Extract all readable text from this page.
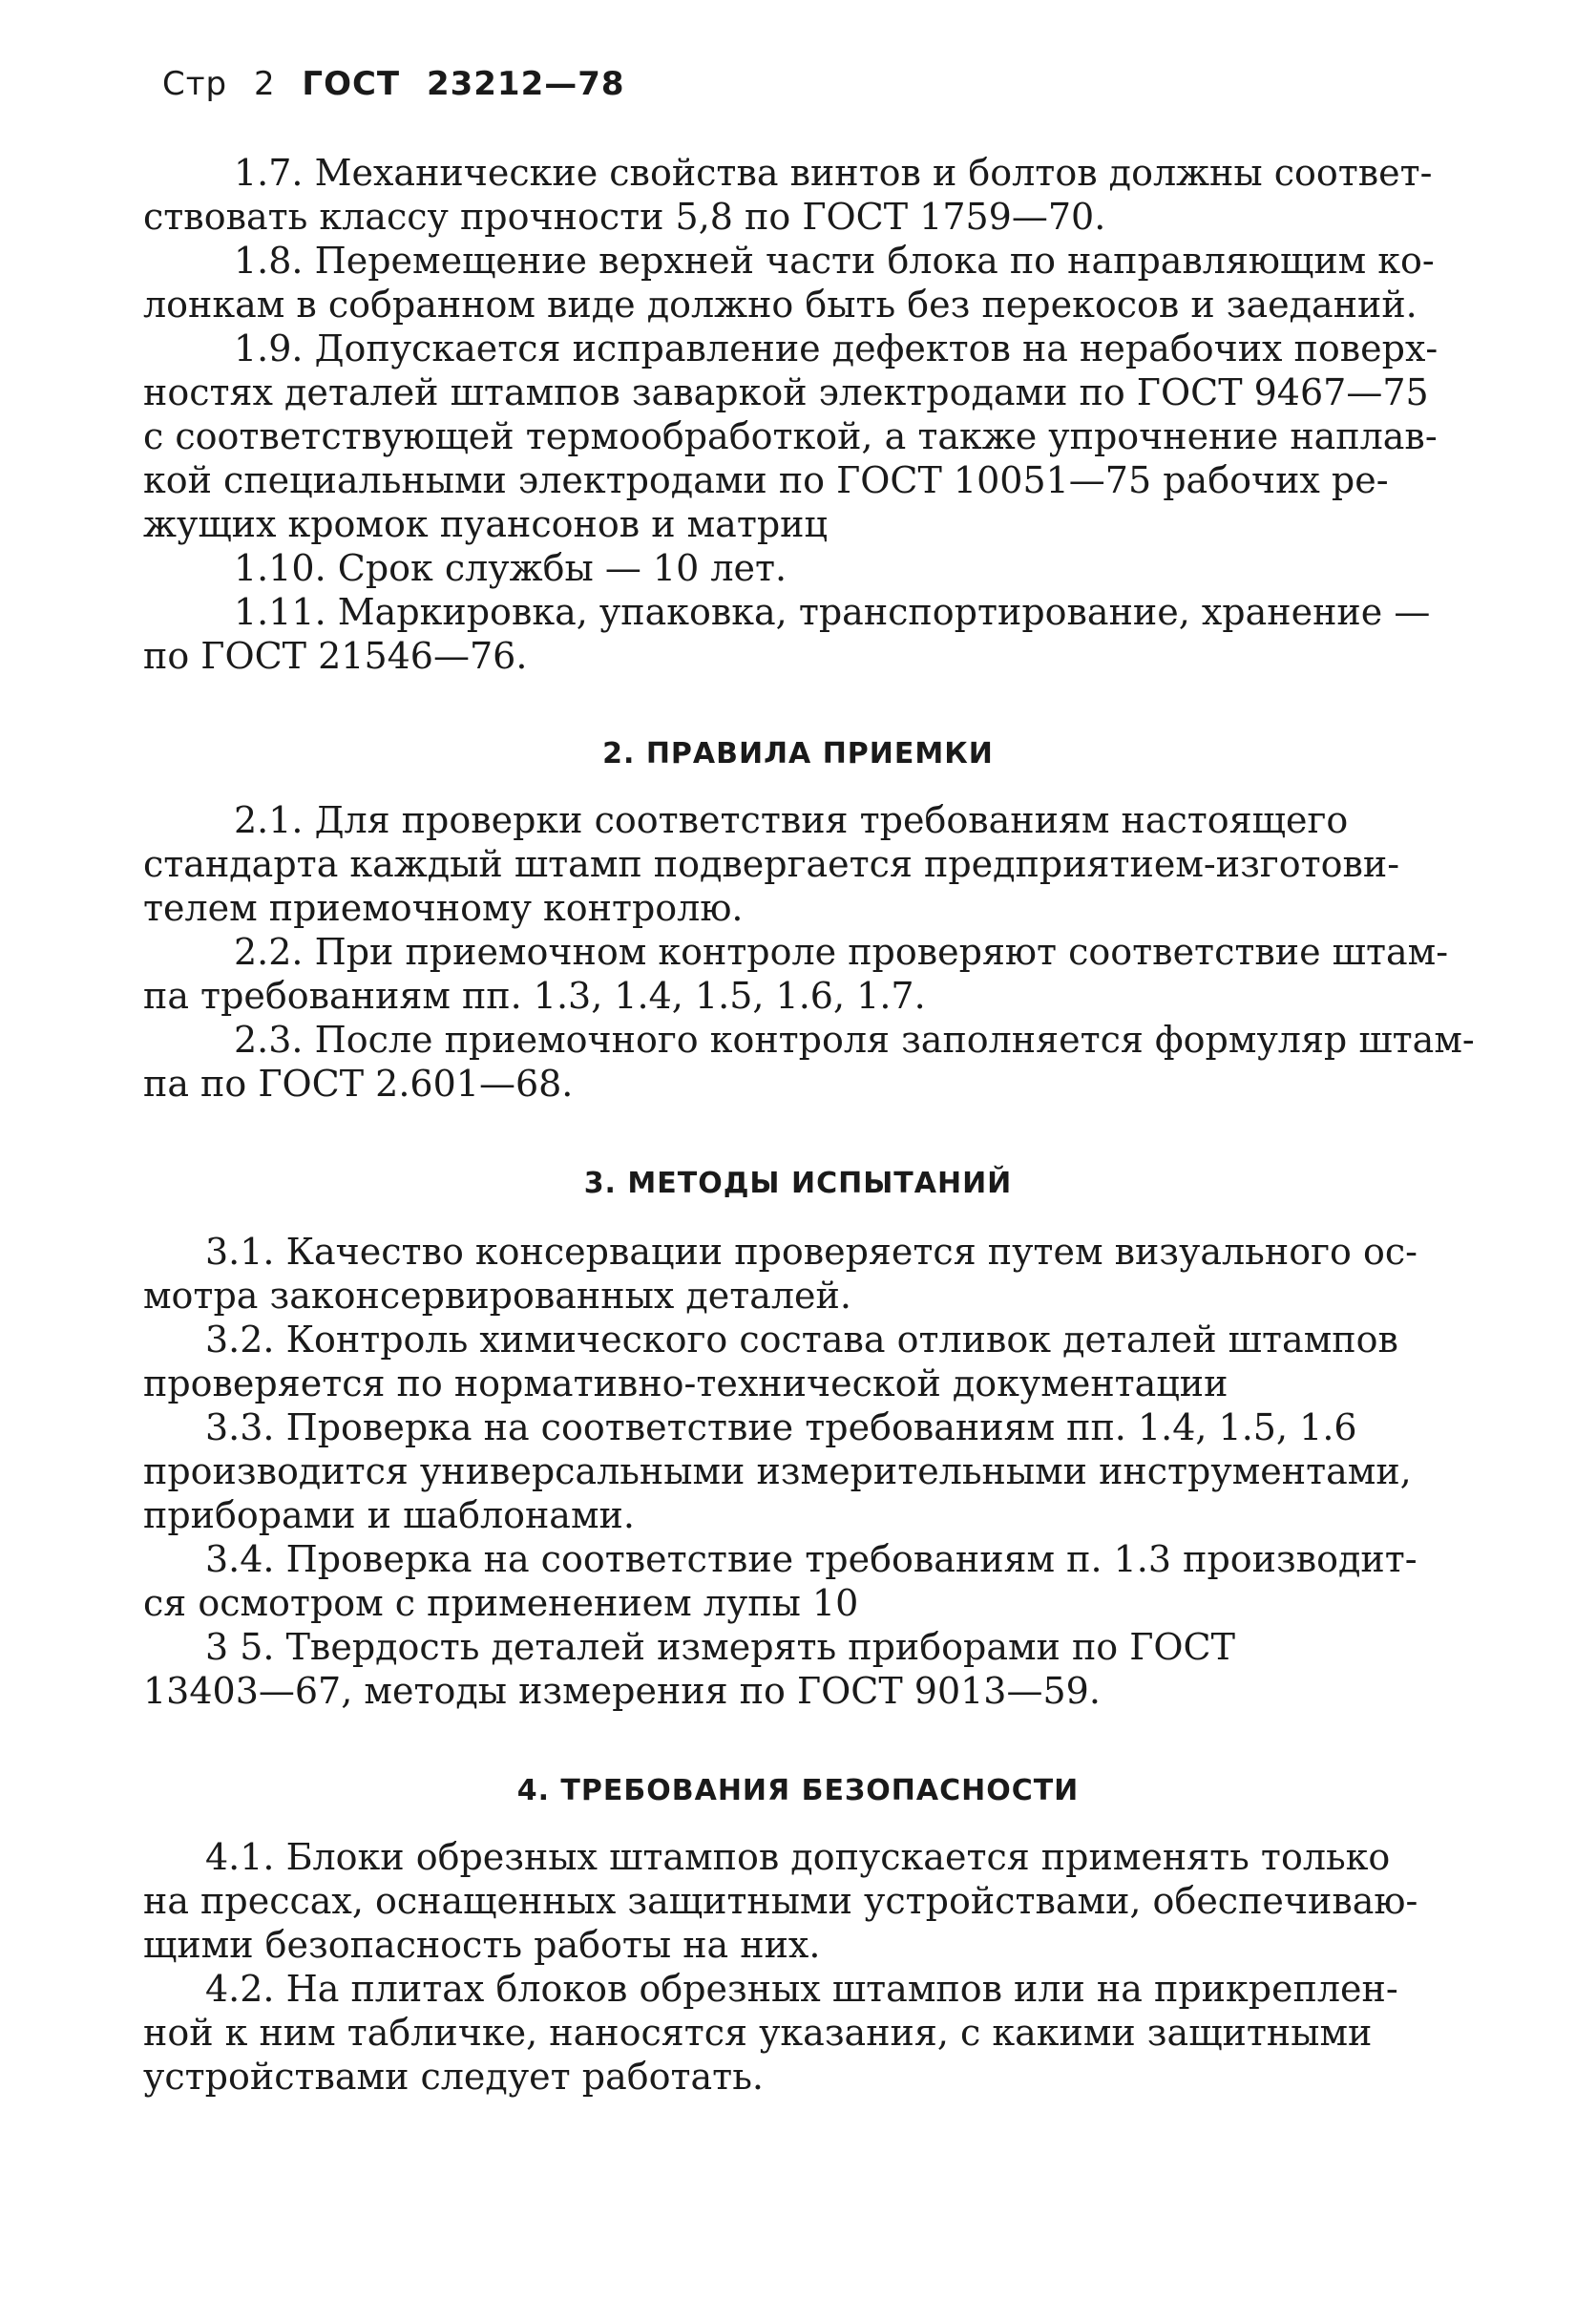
Стр 2 ГОСТ 23212—78
1.7. Механические свойства винтов и болтов должны соответ-
ствовать классу прочности 5,8 по ГОСТ 1759—70.
1.8. Перемещение верхней части блока по направляющим ко-
лонкам в собранном виде должно быть без перекосов и заеданий.
1.9. Допускается исправление дефектов на нерабочих поверх-
ностях деталей штампов заваркой электродами по ГОСТ 9467—75
с соответствующей термообработкой, а также упрочнение наплав-
кой специальными электродами по ГОСТ 10051—75 рабочих ре-
жущих кромок пуансонов и матриц
1.10. Срок службы — 10 лет.
1.11. Маркировка, упаковка, транспортирование, хранение —
по ГОСТ 21546—76.
2. ПРАВИЛА ПРИЕМКИ
2.1. Для проверки соответствия требованиям настоящего
стандарта каждый штамп подвергается предприятием-изготови-
телем приемочному контролю.
2.2. При приемочном контроле проверяют соответствие штам-
па требованиям пп. 1.3, 1.4, 1.5, 1.6, 1.7.
2.3. После приемочного контроля заполняется формуляр штам-
па по ГОСТ 2.601—68.
3. МЕТОДЫ ИСПЫТАНИЙ
3.1. Качество консервации проверяется путем визуального ос-
мотра законсервированных деталей.
3.2. Контроль химического состава отливок деталей штампов
проверяется по нормативно-технической документации
3.3. Проверка на соответствие требованиям пп. 1.4, 1.5, 1.6
производится универсальными измерительными инструментами,
приборами и шаблонами.
3.4. Проверка на соответствие требованиям п. 1.3 производит-
ся осмотром с применением лупы 10
3 5. Твердость деталей измерять приборами по ГОСТ
13403—67, методы измерения по ГОСТ 9013—59.
4. ТРЕБОВАНИЯ БЕЗОПАСНОСТИ
4.1. Блоки обрезных штампов допускается применять только
на прессах, оснащенных защитными устройствами, обеспечиваю-
щими безопасность работы на них.
4.2. На плитах блоков обрезных штампов или на прикреплен-
ной к ним табличке, наносятся указания, с какими защитными
устройствами следует работать.
